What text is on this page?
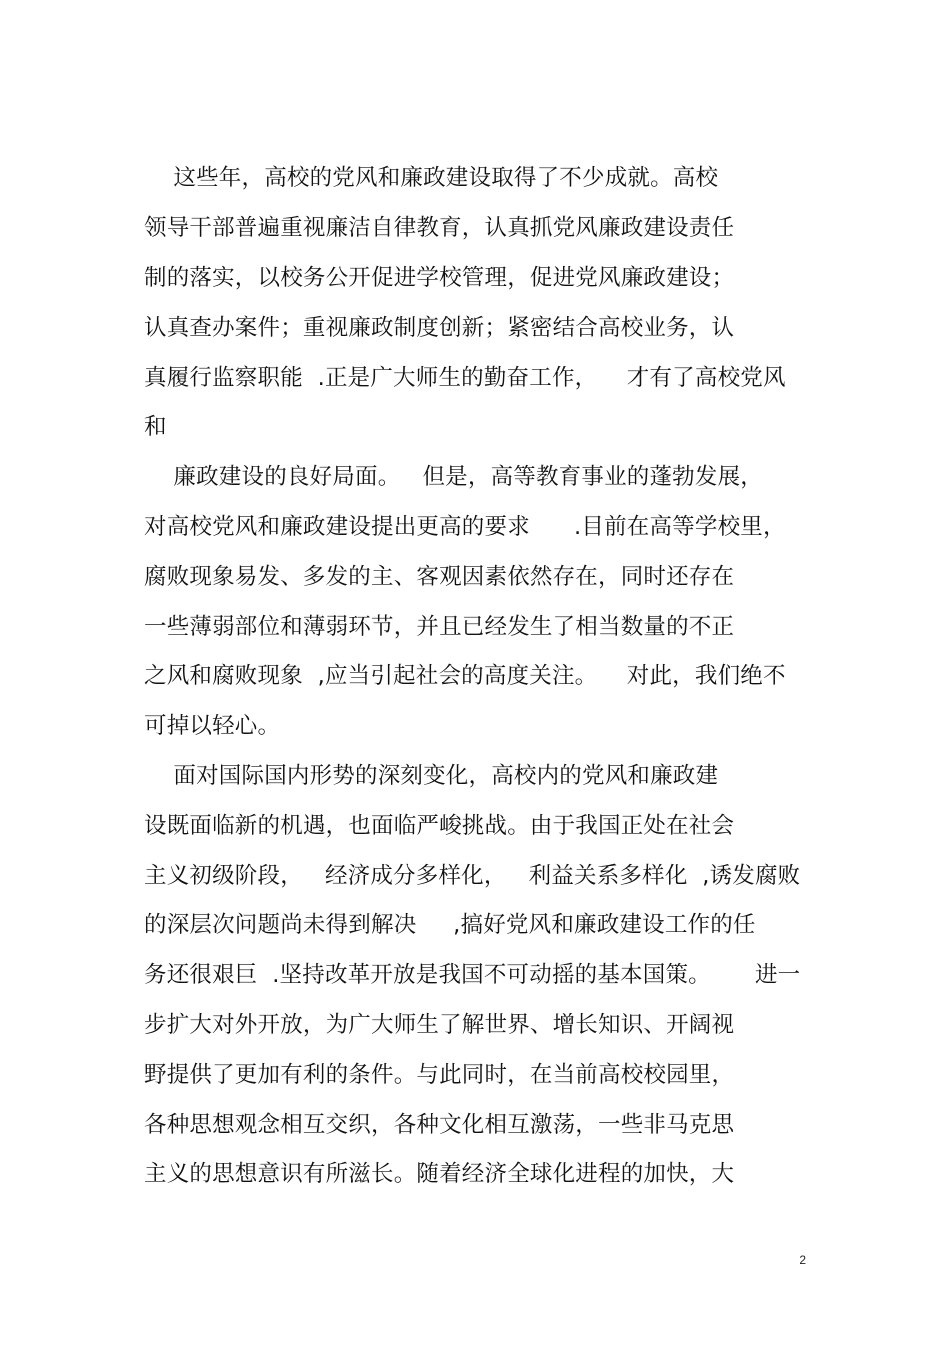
这些年，高校的党风和廉政建设取得了不少成就。高校
领导干部普遍重视廉洁自律教育，认真抓党风廉政建设责任
制的落实，以校务公开促进学校管理，促进党风廉政建设；
认真查办案件；重视廉政制度创新；紧密结合高校业务，认
真履行监察职能  .正是广大师生的勤奋工作，    才有了高校党风
和
廉政建设的良好局面。   但是，高等教育事业的蓬勃发展，
对高校党风和廉政建设提出更高的要求      .目前在高等学校里，
腐败现象易发、多发的主、客观因素依然存在，同时还存在
一些薄弱部位和薄弱环节，并且已经发生了相当数量的不正
之风和腐败现象  ,应当引起社会的高度关注。    对此，我们绝不
可掉以轻心。
面对国际国内形势的深刻变化，高校内的党风和廉政建
设既面临新的机遇，也面临严峻挑战。由于我国正处在社会
主义初级阶段，   经济成分多样化，   利益关系多样化  ,诱发腐败
的深层次问题尚未得到解决     ,搞好党风和廉政建设工作的任
务还很艰巨  .坚持改革开放是我国不可动摇的基本国策。      进一
步扩大对外开放，为广大师生了解世界、增长知识、开阔视
野提供了更加有利的条件。与此同时，在当前高校校园里，
各种思想观念相互交织，各种文化相互激荡，一些非马克思
主义的思想意识有所滋长。随着经济全球化进程的加快，大
2
